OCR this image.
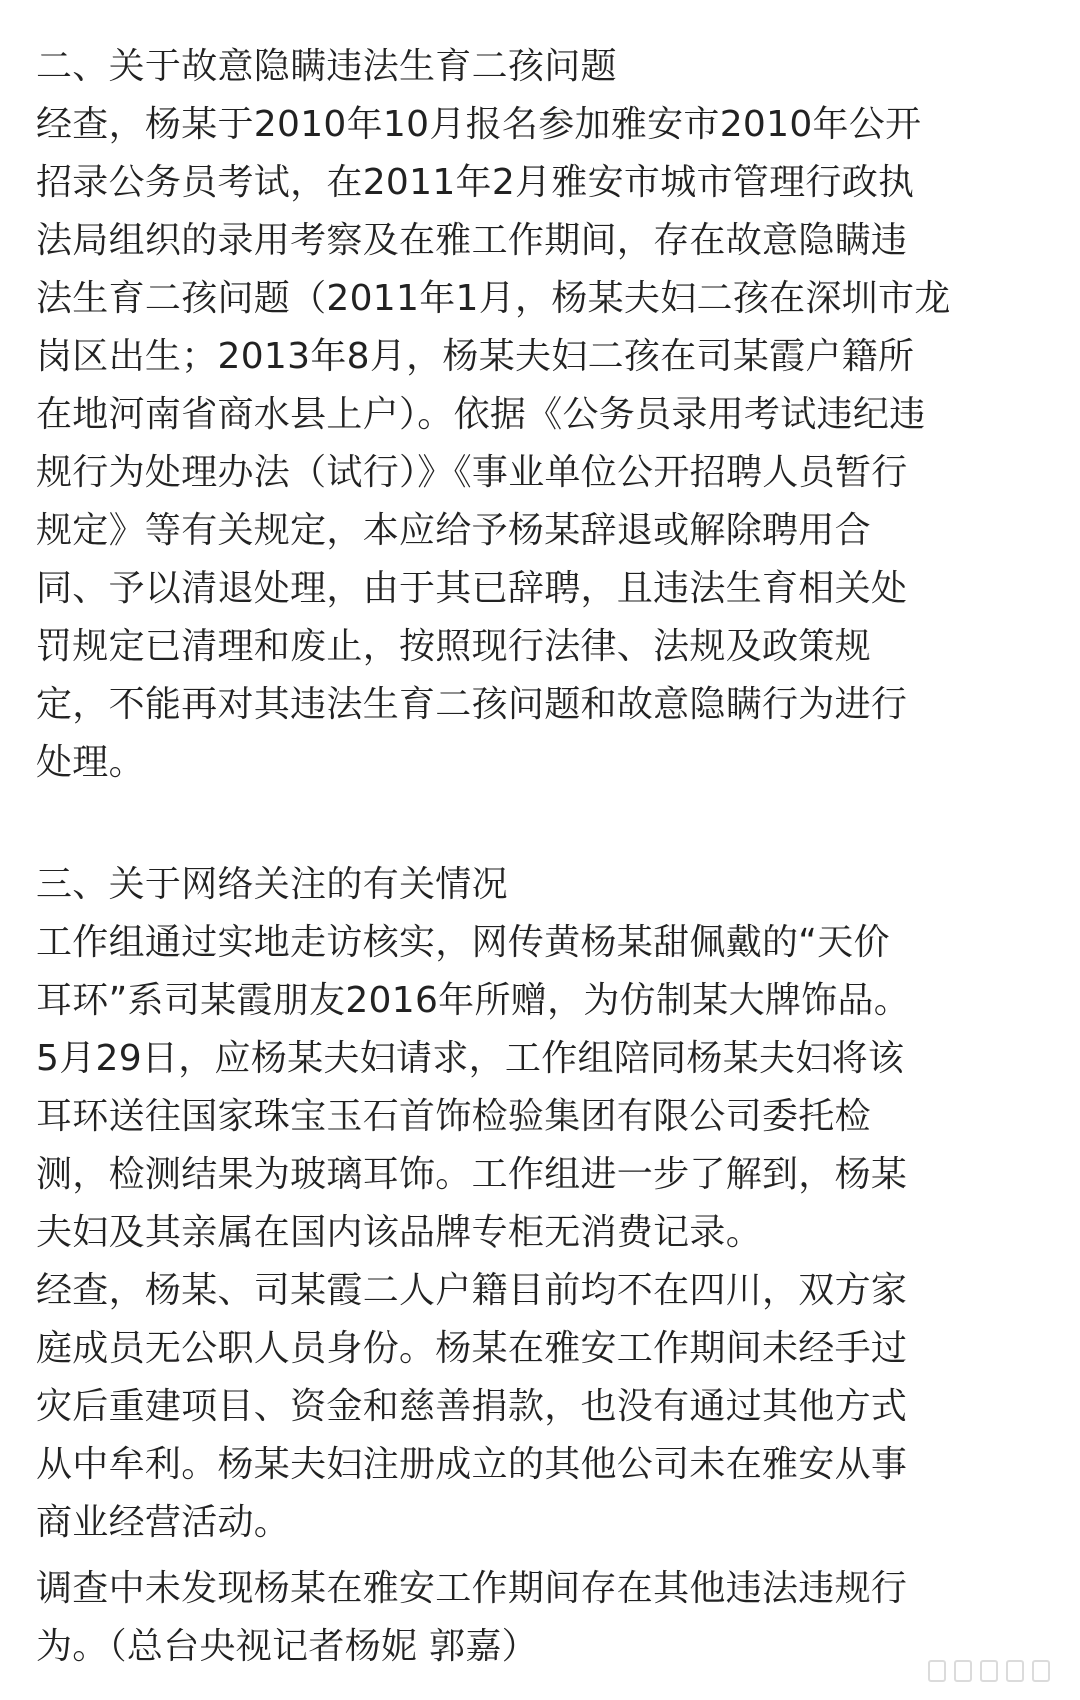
二、关于故意隐瞒违法生育二孩问题
经查，杨某于2010年10月报名参加雅安市2010年公开
招录公务员考试，在2011年2月雅安市城市管理行政执
法局组织的录用考察及在雅工作期间，存在故意隐瞒违
法生育二孩问题（2011年1月，杨某夫妇二孩在深圳市龙
岗区出生；2013年8月，杨某夫妇二孩在司某霞户籍所
在地河南省商水县上户）。依据《公务员录用考试违纪违
规行为处理办法（试行）》《事业单位公开招聘人员暂行
规定》等有关规定，本应给予杨某辞退或解除聘用合
同、予以清退处理，由于其已辞聘，且违法生育相关处
罚规定已清理和废止，按照现行法律、法规及政策规
定，不能再对其违法生育二孩问题和故意隐瞒行为进行
处理。
三、关于网络关注的有关情况
工作组通过实地走访核实，网传黄杨某甜佩戴的“天价
耳环”系司某霞朋友2016年所赠，为仿制某大牌饰品。
5月29日，应杨某夫妇请求，工作组陪同杨某夫妇将该
耳环送往国家珠宝玉石首饰检验集团有限公司委托检
测，检测结果为玻璃耳饰。工作组进一步了解到，杨某
夫妇及其亲属在国内该品牌专柜无消费记录。
经查，杨某、司某霞二人户籍目前均不在四川，双方家
庭成员无公职人员身份。杨某在雅安工作期间未经手过
灾后重建项目、资金和慈善捐款，也没有通过其他方式
从中牟利。杨某夫妇注册成立的其他公司未在雅安从事
商业经营活动。
调查中未发现杨某在雅安工作期间存在其他违法违规行
为。（总台央视记者杨妮 郭嘉）
